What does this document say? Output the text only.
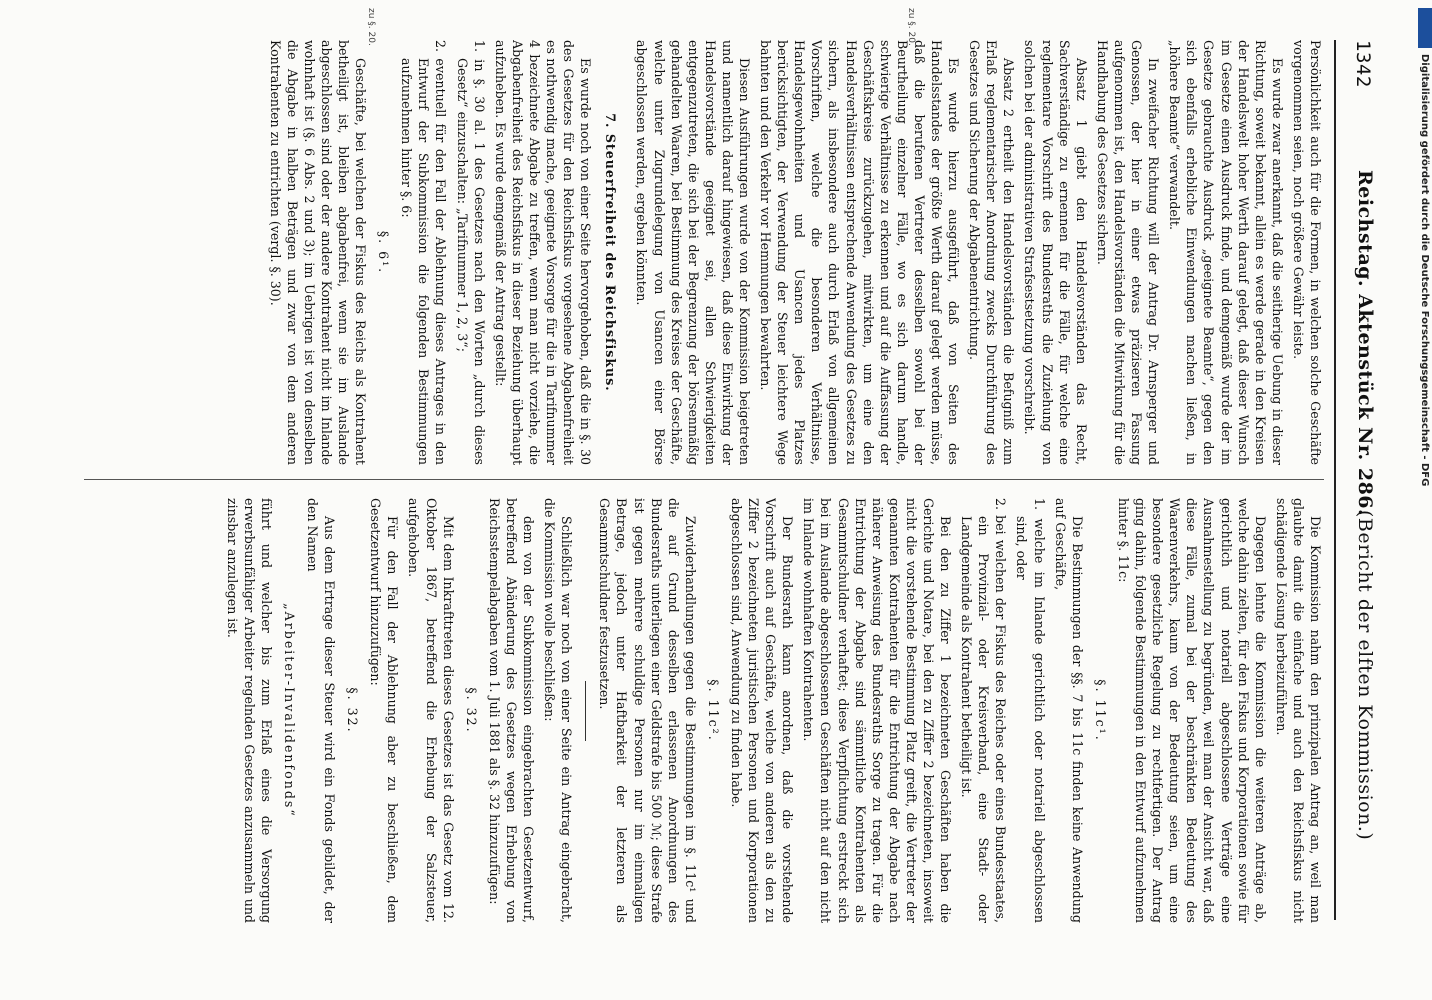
1342
Reichstag. Aktenstück Nr. 286.
(Bericht der elften Kommission.)

Persönlichkeit auch für die Formen, in welchen solche Geschäfte vorgenommen seien, noch größere Gewähr leiste.

Es wurde zwar anerkannt, daß die seitherige Uebung in dieser Richtung, soweit bekannt, allein es werde gerade in den Kreisen der Handelswelt hoher Werth darauf gelegt, daß dieser Wunsch im Gesetze einen Ausdruck finde, und demgemäß wurde der im Gesetze gebrauchte Ausdruck „geeignete Beamte“, gegen den sich ebenfalls erhebliche Einwendungen machen ließen, in „höhere Beamte“ verwandelt.

In zweifacher Richtung will der Antrag Dr. Arnsperger und Genossen, der hier in einer etwas präziseren Fassung aufgenommen ist, den Handelsvorständen die Mitwirkung für die Handhabung des Gesetzes sichern.

Absatz 1 giebt den Handelsvorständen das Recht, Sachverständige zu ernennen für die Fälle, für welche eine reglementare Vorschrift des Bundesraths die Zuziehung von solchen bei der administrativen Strafsestsetzung vorschreibt.

Absatz 2 ertheilt den Handelsvorständen die Befugniß zum Erlaß reglementarischer Anordnung zwecks Durchführung des Gesetzes und Sicherung der Abgabenentrichtung.

Es wurde hierzu ausgeführt, daß von Seiten des Handelsstandes der größte Werth darauf gelegt werden müsse, daß die berufenen Vertreter desselben sowohl bei der Beurtheilung einzelner Fälle, wo es sich darum handle, schwierige Verhältnisse zu erkennen und auf die Auffassung der Geschäftskreise zurückzugehen, mitwirkten, um eine den Handelsverhältnissen entsprechende Anwendung des Gesetzes zu sichern, als insbesondere auch durch Erlaß von allgemeinen Vorschriften, welche die besonderen Verhältnisse, Handelsgewohnheiten und Usancen jedes Platzes berücksichtigten, der Verwendung der Steuer leichtere Wege bahnten und den Verkehr vor Hemmungen bewahrten.

Diesen Ausführungen wurde von der Kommission beigetreten und namentlich darauf hingewiesen, daß diese Einwirkung der Handelsvorstände geeignet sei, allen Schwierigkeiten entgegenzutreten, die sich bei der Begrenzung der börsenmäßig gehandelten Waaren, bei Bestimmung des Kreises der Geschäfte, welche unter Zugrundelegung von Usancen einer Börse abgeschlossen werden, ergeben könnten.

7. Steuerfreiheit des Reichsfiskus.

Es wurde noch von einer Seite hervorgehoben, daß die in §. 30 des Gesetzes für den Reichsfiskus vorgesehene Abgabenfreiheit es nothwendig mache, geeignete Vorsorge für die in Tarifnummer 4 bezeichnete Abgabe zu treffen, wenn man nicht vorziehe, die Abgabenfreiheit des Reichsfiskus in dieser Beziehung überhaupt aufzuheben. Es wurde demgemäß der Antrag gestellt:

1. in §. 30 al. 1 des Gesetzes nach den Worten „durch dieses Gesetz“ einzuschalten: „Tarifnummer 1, 2, 3“;

2. eventuell für den Fall der Ablehnung dieses Antrages in den Entwurf der Subkommission die folgenden Bestimmungen aufzunehmen hinter §. 6:

§. 6¹.

Geschäfte, bei welchen der Fiskus des Reichs als Kontrahent betheiligt ist, bleiben abgabenfrei, wenn sie im Auslande abgeschlossen sind oder der andere Kontrahent nicht im Inlande wohnhaft ist (§. 6 Abs. 2 und 3); im Uebrigen ist von denselben die Abgabe in halben Beträgen und zwar von dem anderen Kontrahenten zu entrichten (vergl. §. 30).

Die Kommission nahm den prinzipalen Antrag an, weil man glaubte damit die einfache und auch den Reichsfiskus nicht schädigende Lösung herbeizuführen.

Dagegen lehnte die Kommission die weiteren Anträge ab, welche dahin zielten, für den Fiskus und Korporationen sowie für gerichtlich und notariell abgeschlossene Verträge eine Ausnahmestellung zu begründen, weil man der Ansicht war, daß diese Fälle, zumal bei der beschränkten Bedeutung des Waarenverkehrs, kaum von der Bedeutung seien, um eine besondere gesetzliche Regelung zu rechtfertigen. Der Antrag ging dahin, folgende Bestimmungen in den Entwurf aufzunehmen hinter §. 11c:

§. 11c¹.

Die Bestimmungen der §§. 7 bis 11c finden keine Anwendung auf Geschäfte,

1. welche im Inlande gerichtlich oder notariell abgeschlossen sind, oder

2. bei welchen der Fiskus des Reiches oder eines Bundesstaates, ein Provinzial- oder Kreisverband, eine Stadt- oder Landgemeinde als Kontrahent betheiligt ist.

Bei den zu Ziffer 1 bezeichneten Geschäften haben die Gerichte und Notare, bei den zu Ziffer 2 bezeichneten, insoweit nicht die vorstehende Bestimmung Platz greift, die Vertreter der genannten Kontrahenten für die Entrichtung der Abgabe nach näherer Anweisung des Bundesraths Sorge zu tragen. Für die Entrichtung der Abgabe sind sämmtliche Kontrahenten als Gesammtschuldner verhaftet; diese Verpflichtung erstreckt sich bei im Auslande abgeschlossenen Geschäften nicht auf den nicht im Inlande wohnhaften Kontrahenten.

Der Bundesrath kann anordnen, daß die vorstehende Vorschrift auch auf Geschäfte, welche von anderen als den zu Ziffer 2 bezeichneten juristischen Personen und Korporationen abgeschlossen sind, Anwendung zu finden habe.

§. 11c².

Zuwiderhandlungen gegen die Bestimmungen im §. 11c¹ und die auf Grund desselben erlassenen Anordnungen des Bundesraths unterliegen einer Geldstrafe bis 500 ℳ; diese Strafe ist gegen mehrere schuldige Personen nur im einmaligen Betrage, jedoch unter Haftbarkeit der letzteren als Gesammtschuldner festzusetzen.

Schließlich war noch von einer Seite ein Antrag eingebracht, die Kommission wolle beschließen:

dem von der Subkommission eingebrachten Gesetzentwurf, betreffend Abänderung des Gesetzes wegen Erhebung von Reichsstempelabgaben vom 1. Juli 1881 als §. 32 hinzuzufügen:

§. 32.

Mit dem Inkrafttreten dieses Gesetzes ist das Gesetz vom 12. Oktober 1867, betreffend die Erhebung der Salzsteuer, aufgehoben.

Für den Fall der Ablehnung aber zu beschließen, dem Gesetzentwurf hinzuzufügen:

§. 32.

Aus dem Ertrage dieser Steuer wird ein Fonds gebildet, der den Namen

„Arbeiter-Invalidenfonds“

führt und welcher bis zum Erlaß eines die Versorgung erwerbsunfähiger Arbeiter regelnden Gesetzes anzusammeln und zinsbar anzulegen ist.

zu §. 20.
zu §. 20.
Digitalisierung gefördert durch die Deutsche Forschungsgemeinschaft - DFG
